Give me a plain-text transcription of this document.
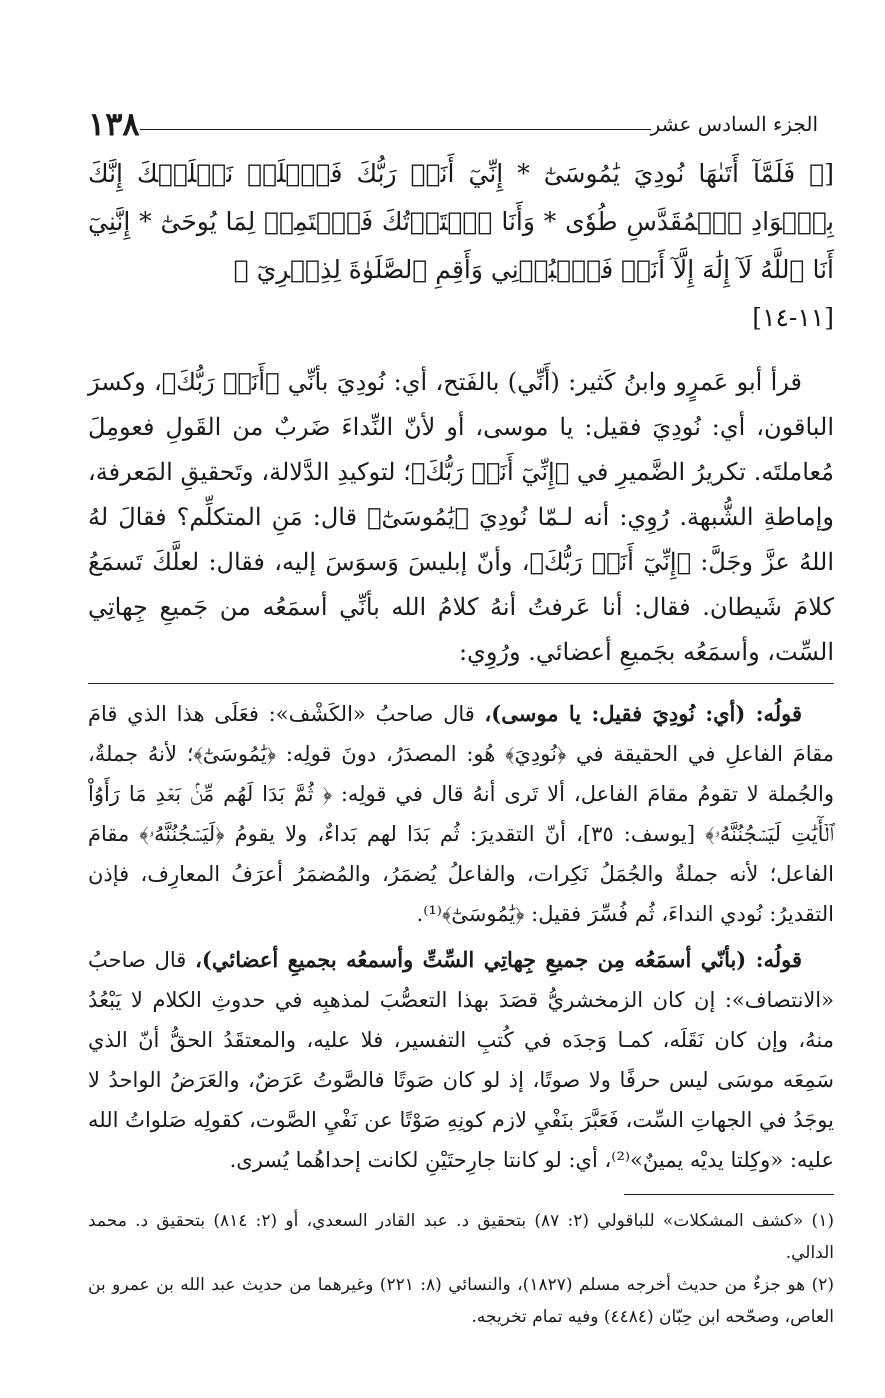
الجزء السادس عشر
١٣٨
[﴿ فَلَمَّآ أَتَىٰهَا نُودِيَ يَٰمُوسَىٰٓ * إِنِّيٓ أَنَا۠ رَبُّكَ فَٱخۡلَعۡ نَعۡلَيۡكَ إِنَّكَ بِٱلۡوَادِ ٱلۡمُقَدَّسِ طُوٗى * وَأَنَا ٱخۡتَرۡتُكَ فَٱسۡتَمِعۡ لِمَا يُوحَىٰٓ * إِنَّنِيٓ أَنَا ٱللَّهُ لَآ إِلَٰهَ إِلَّآ أَنَا۠ فَٱعۡبُدۡنِي وَأَقِمِ ٱلصَّلَوٰةَ لِذِكۡرِيٓ ﴾
[١١-١٤]

قرأ أبو عَمرٍو وابنُ كَثير: (أَنِّي) بالفَتح، أي: نُودِيَ بأنِّي ﴿أَنَا۠ رَبُّكَ﴾، وكسرَ الباقون، أي: نُودِيَ فقيل: يا موسى، أو لأنّ النِّداءَ ضَربٌ من القَولِ فعومِلَ مُعاملتَه. تكريرُ الضَّميرِ في ﴿إِنِّيٓ أَنَا۠ رَبُّكَ﴾؛ لتوكيدِ الدَّلالة، وتَحقيقِ المَعرفة، وإماطةِ الشُّبهة. رُوِي: أنه لـمّا نُودِيَ ﴿يَٰمُوسَىٰٓ﴾ قال: مَنِ المتكلِّم؟ فقالَ لهُ اللهُ عزَّ وجَلَّ: ﴿إِنِّيٓ أَنَا۠ رَبُّكَ﴾، وأنّ إبليسَ وَسوَسَ إليه، فقال: لعلَّكَ تَسمَعُ كلامَ شَيطان. فقال: أنا عَرفتُ أنهُ كلامُ الله بأنِّي أسمَعُه من جَميعِ جِهاتِي السِّت، وأسمَعُه بجَميعِ أعضائي. ورُوِي:

قولُه: (أي: نُودِيَ فقيل: يا موسى)، قال صاحبُ «الكَشْف»: فعَلَى هذا الذي قامَ مقامَ الفاعلِ في الحقيقة في ﴿نُودِيَ﴾ هُو: المصدَرُ، دونَ قولِه: ﴿يَٰمُوسَىٰٓ﴾؛ لأنهُ جملةٌ، والجُملة لا تقومُ مقامَ الفاعل، ألا تَرى أنهُ قال في قولِه: ﴿ ثُمَّ بَدَا لَهُم مِّنۢ بَعۡدِ مَا رَأَوُاْ ٱلۡأٓيَٰتِ لَيَسۡجُنُنَّهُۥ﴾ [يوسف: ٣٥]، أنّ التقديرَ: ثُم بَدَا لهم بَداءٌ، ولا يقومُ ﴿لَيَسۡجُنُنَّهُۥ﴾ مقامَ الفاعل؛ لأنه جملةٌ والجُمَلُ نَكِرات، والفاعلُ يُضمَرُ، والمُضمَرُ أعرَفُ المعارِف، فإذن التقديرُ: نُودي النداءَ، ثُم فُسِّرَ فقيل: ﴿يَٰمُوسَىٰٓ﴾⁽¹⁾.

قولُه: (بأنّي أسمَعُه مِن جميعِ جِهاتِي السِّتِّ وأسمعُه بجميعِ أعضائي)، قال صاحبُ «الانتصاف»: إن كان الزمخشريُّ قصَدَ بهذا التعصُّبَ لمذهبِه في حدوثِ الكلام لا يَبْعُدُ منهُ، وإن كان نَقَلَه، كمـا وَجدَه في كُتبِ التفسير، فلا عليه، والمعتقَدُ الحقُّ أنّ الذي سَمِعَه موسَى ليس حرفًا ولا صوتًا، إذ لو كان صَوتًا فالصَّوتُ عَرَضٌ، والعَرَضُ الواحدُ لا يوجَدُ في الجهاتِ السِّت، فَعَبَّرَ بنَفْيِ لازم كونِهِ صَوْتًا عن نَفْيِ الصَّوت، كقولِه صَلواتُ الله عليه: «وكِلتا يديْه يمينٌ»⁽²⁾، أي: لو كانتا جارِحتَيْنِ لكانت إحداهُما يُسرى.

(١) «كشف المشكلات» للباقولي (٢: ٨٧) بتحقيق د. عبد القادر السعدي، أو (٢: ٨١٤) بتحقيق د. محمد الدالي.

(٢) هو جزءٌ من حديث أخرجه مسلم (١٨٢٧)، والنسائي (٨: ٢٢١) وغيرهما من حديث عبد الله بن عمرو بن العاص، وصحّحه ابن حِبّان (٤٤٨٤) وفيه تمام تخريجه.
